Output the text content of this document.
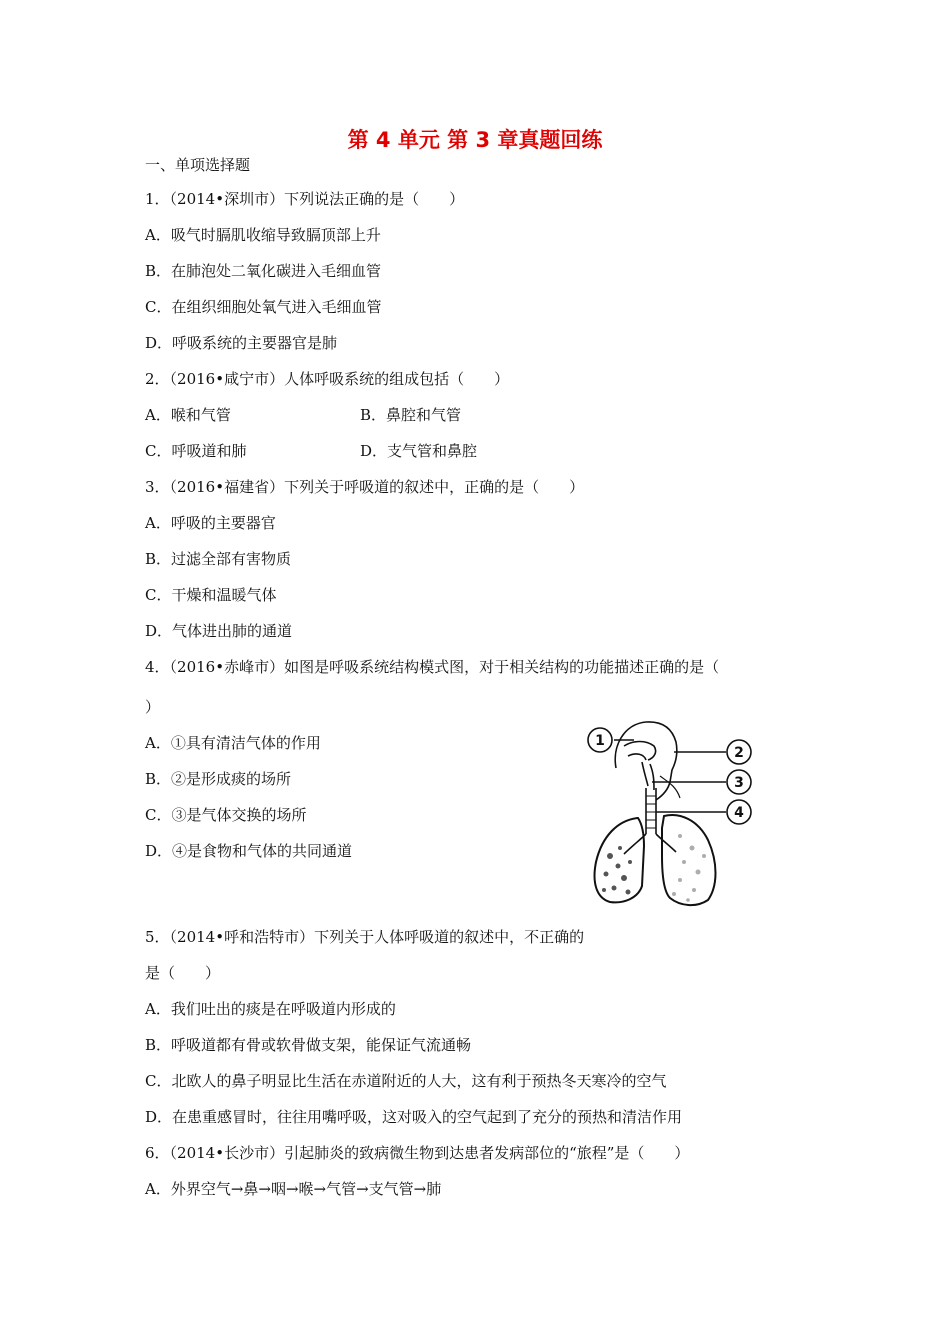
第 4 单元 第 3 章真题回练
一、单项选择题
1．（2014•深圳市）下列说法正确的是（　　）
A．吸气时膈肌收缩导致膈顶部上升
B．在肺泡处二氧化碳进入毛细血管
C．在组织细胞处氧气进入毛细血管
D．呼吸系统的主要器官是肺
2．（2016•咸宁市）人体呼吸系统的组成包括（　　）
A．喉和气管	B．鼻腔和气管
C．呼吸道和肺	D．支气管和鼻腔
3．（2016•福建省）下列关于呼吸道的叙述中，正确的是（　　）
A．呼吸的主要器官
B．过滤全部有害物质
C．干燥和温暖气体
D．气体进出肺的通道
4．（2016•赤峰市）如图是呼吸系统结构模式图，对于相关结构的功能描述正确的是（
）
A．①具有清洁气体的作用
B．②是形成痰的场所
C．③是气体交换的场所
D．④是食物和气体的共同通道
1
2
3
4
5．（2014•呼和浩特市）下列关于人体呼吸道的叙述中，不正确的
是（　　）
A．我们吐出的痰是在呼吸道内形成的
B．呼吸道都有骨或软骨做支架，能保证气流通畅
C．北欧人的鼻子明显比生活在赤道附近的人大，这有利于预热冬天寒冷的空气
D．在患重感冒时，往往用嘴呼吸，这对吸入的空气起到了充分的预热和清洁作用
6．（2014•长沙市）引起肺炎的致病微生物到达患者发病部位的“旅程”是（　　）
A．外界空气→鼻→咽→喉→气管→支气管→肺
